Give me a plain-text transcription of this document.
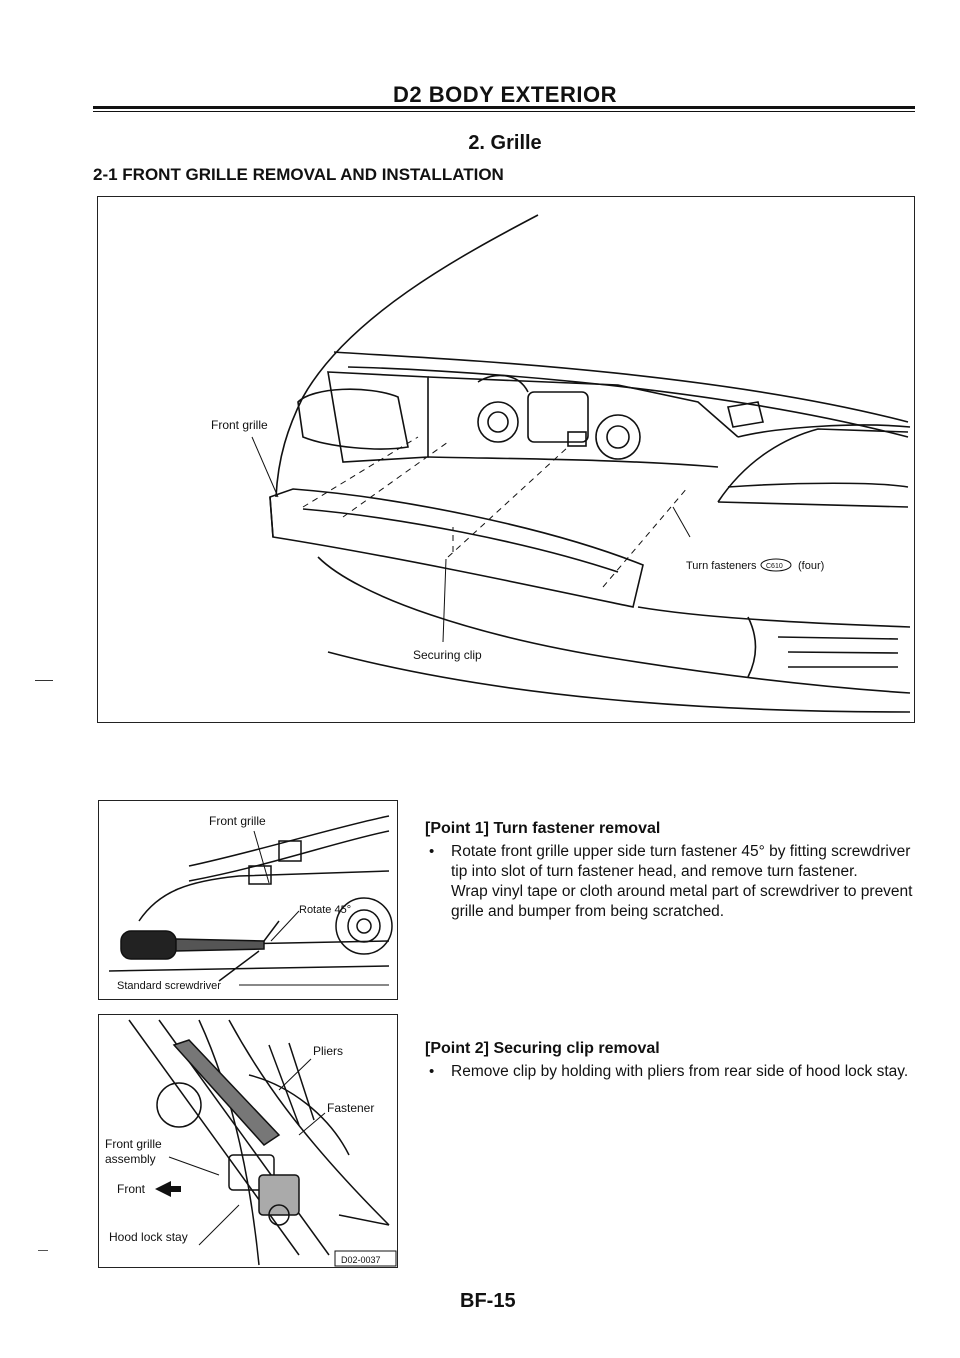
D2 BODY EXTERIOR
2. Grille
2-1 FRONT GRILLE REMOVAL AND INSTALLATION
Front grille
Turn fasteners C610 (four)
Securing clip
Front grille
Rotate 45°
Standard screwdriver
Pliers
Fastener
Front grille
assembly
Front
Hood lock stay
D02-0037
[Point 1] Turn fastener removal
• Rotate front grille upper side turn fastener 45° by fitting screwdriver tip into slot of turn fastener head, and remove turn fastener.
Wrap vinyl tape or cloth around metal part of screwdriver to prevent grille and bumper from being scratched.
[Point 2] Securing clip removal
• Remove clip by holding with pliers from rear side of hood lock stay.
BF-15
